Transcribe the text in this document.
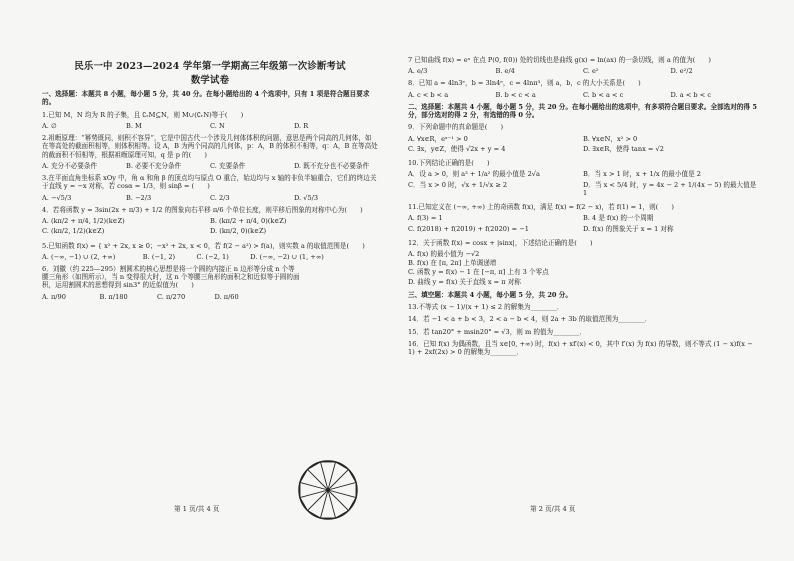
民乐一中 2023—2024 学年第一学期高三年级第一次诊断考试
数学试卷
一、选择题：本题共 8 小题，每小题 5 分，共 40 分。在每小题给出的 4 个选项中，只有 1 项是符合题目要求的。
1.已知 M，N 均为 R 的子集，且 ∁ᵣM⊆N，则 M∪(∁ᵣN)等于(　　)
A. ∅	B. M	C. N	D. R
2.祖暅原理：“幂势既同，则积不容异”，它是中国古代一个涉及几何体体积的问题，意思是两个同高的几何体，如在等高处的截面积相等，则体积相等。设 A，B 为两个同高的几何体，p：A，B 的体积不相等，q：A，B 在等高处的截面积不恒相等，根据祖暅原理可知，q 是 p 的(　　)
A. 充分不必要条件	B. 必要不充分条件	C. 充要条件	D. 既不充分也不必要条件
3.在平面直角坐标系 xOy 中，角 α 和角 β 的顶点均与原点 O 重合，始边均与 x 轴的非负半轴重合，它们的终边关于直线 y = −x 对称，若 cosα = 1/3，则 sinβ = (　　)
A. −√5/3	B. −2/3	C. 2/3	D. √5/3
4．若将函数 y = 3sin(2x + π/3) + 1/2 的图象向右平移 π/6 个单位长度，则平移后图象的对称中心为(　　)
A. (kπ/2 + π/4, 1/2)(k∈Z)	B. (kπ/2 + π/4, 0)(k∈Z)
C. (kπ/2, 1/2)(k∈Z)	D. (kπ/2, 0)(k∈Z)
5.已知函数 f(x) = { x² + 2x, x ≥ 0；−x² + 2x, x < 0，若 f(2 − a²) > f(a)，则实数 a 的取值范围是(　　)
A. (−∞, −1) ∪ (2, +∞)	B. (−1, 2)	C. (−2, 1)	D. (−∞, −2) ∪ (1, +∞)
6．刘徽（约 225—295）割圆术的核心思想是将一个圆的内接正 n 边形等分成 n 个等腰三角形（如图所示），当 n 变得很大时，这 n 个等腰三角形的面积之和近似等于圆的面积，运用割圆术的思想得到 sin3° 的近似值为(　　)
A. π/90	B. π/180	C. π/270	D. π/60
7 已知曲线 f(x) = eˣ 在点 P(0, f(0)) 处的切线也是曲线 g(x) = ln(ax) 的一条切线，则 a 的值为(　　)
A. e/3	B. e/4	C. e²	D. e²/2
8．已知 a = 4ln3ᵉ，b = 3ln4ᵉ，c = 4lnπ³，则 a，b，c 的大小关系是(　　)
A. c < b < a	B. b < c < a	C. b < a < c	D. a < b < c
二、选择题：本题共 4 小题，每小题 5 分，共 20 分。在每小题给出的选项中，有多项符合题目要求。全部选对的得 5 分，部分选对的得 2 分，有选错的得 0 分。
9．下列命题中的真命题是(　　)
A. ∀x∈R，eˣ⁻¹ > 0	B. ∀x∈N，x² > 0
C. ∃x，y∈Z，使得 √2x + y = 4	D. ∃x∈R，使得 tanx = √2
10.下列结论正确的是(　　)
A．设 a > 0，则 a³ + 1/a² 的最小值是 2√a	B．当 x > 1 时，x + 1/x 的最小值是 2
C．当 x > 0 时，√x + 1/√x ≥ 2	D．当 x < 5/4 时，y = 4x − 2 + 1/(4x − 5) 的最大值是 1
11.已知定义在 (−∞, +∞) 上的奇函数 f(x)，满足 f(x) = f(2 − x)，若 f(1) = 1，则(　　)
A. f(3) = 1	B. 4 是 f(x) 的一个周期
C. f(2018) + f(2019) + f(2020) = −1	D. f(x) 的图象关于 x = 1 对称
12．关于函数 f(x) = cosx + |sinx|，下述结论正确的是(　　)
A. f(x) 的最小值为 −√2
B. f(x) 在 [π, 2π] 上单调递增
C. 函数 y = f(x) − 1 在 [−π, π] 上有 3 个零点
D. 曲线 y = f(x) 关于直线 x = π 对称
三、填空题：本题共 4 小题，每小题 5 分，共 20 分。
13.不等式 (x − 1)/(x + 1) ≤ 2 的解集为________．
14．若 −1 < a + b < 3，2 < a − b < 4，则 2a + 3b 的取值范围为________．
15．若 tan20° + msin20° = √3，则 m 的值为________．
16．已知 f(x) 为偶函数，且当 x∈[0, +∞) 时，f(x) + xf′(x) < 0，其中 f′(x) 为 f(x) 的导数，则不等式 (1 − x)f(x − 1) + 2xf(2x) > 0 的解集为________．
第 1 页/共 4 页	第 2 页/共 4 页
